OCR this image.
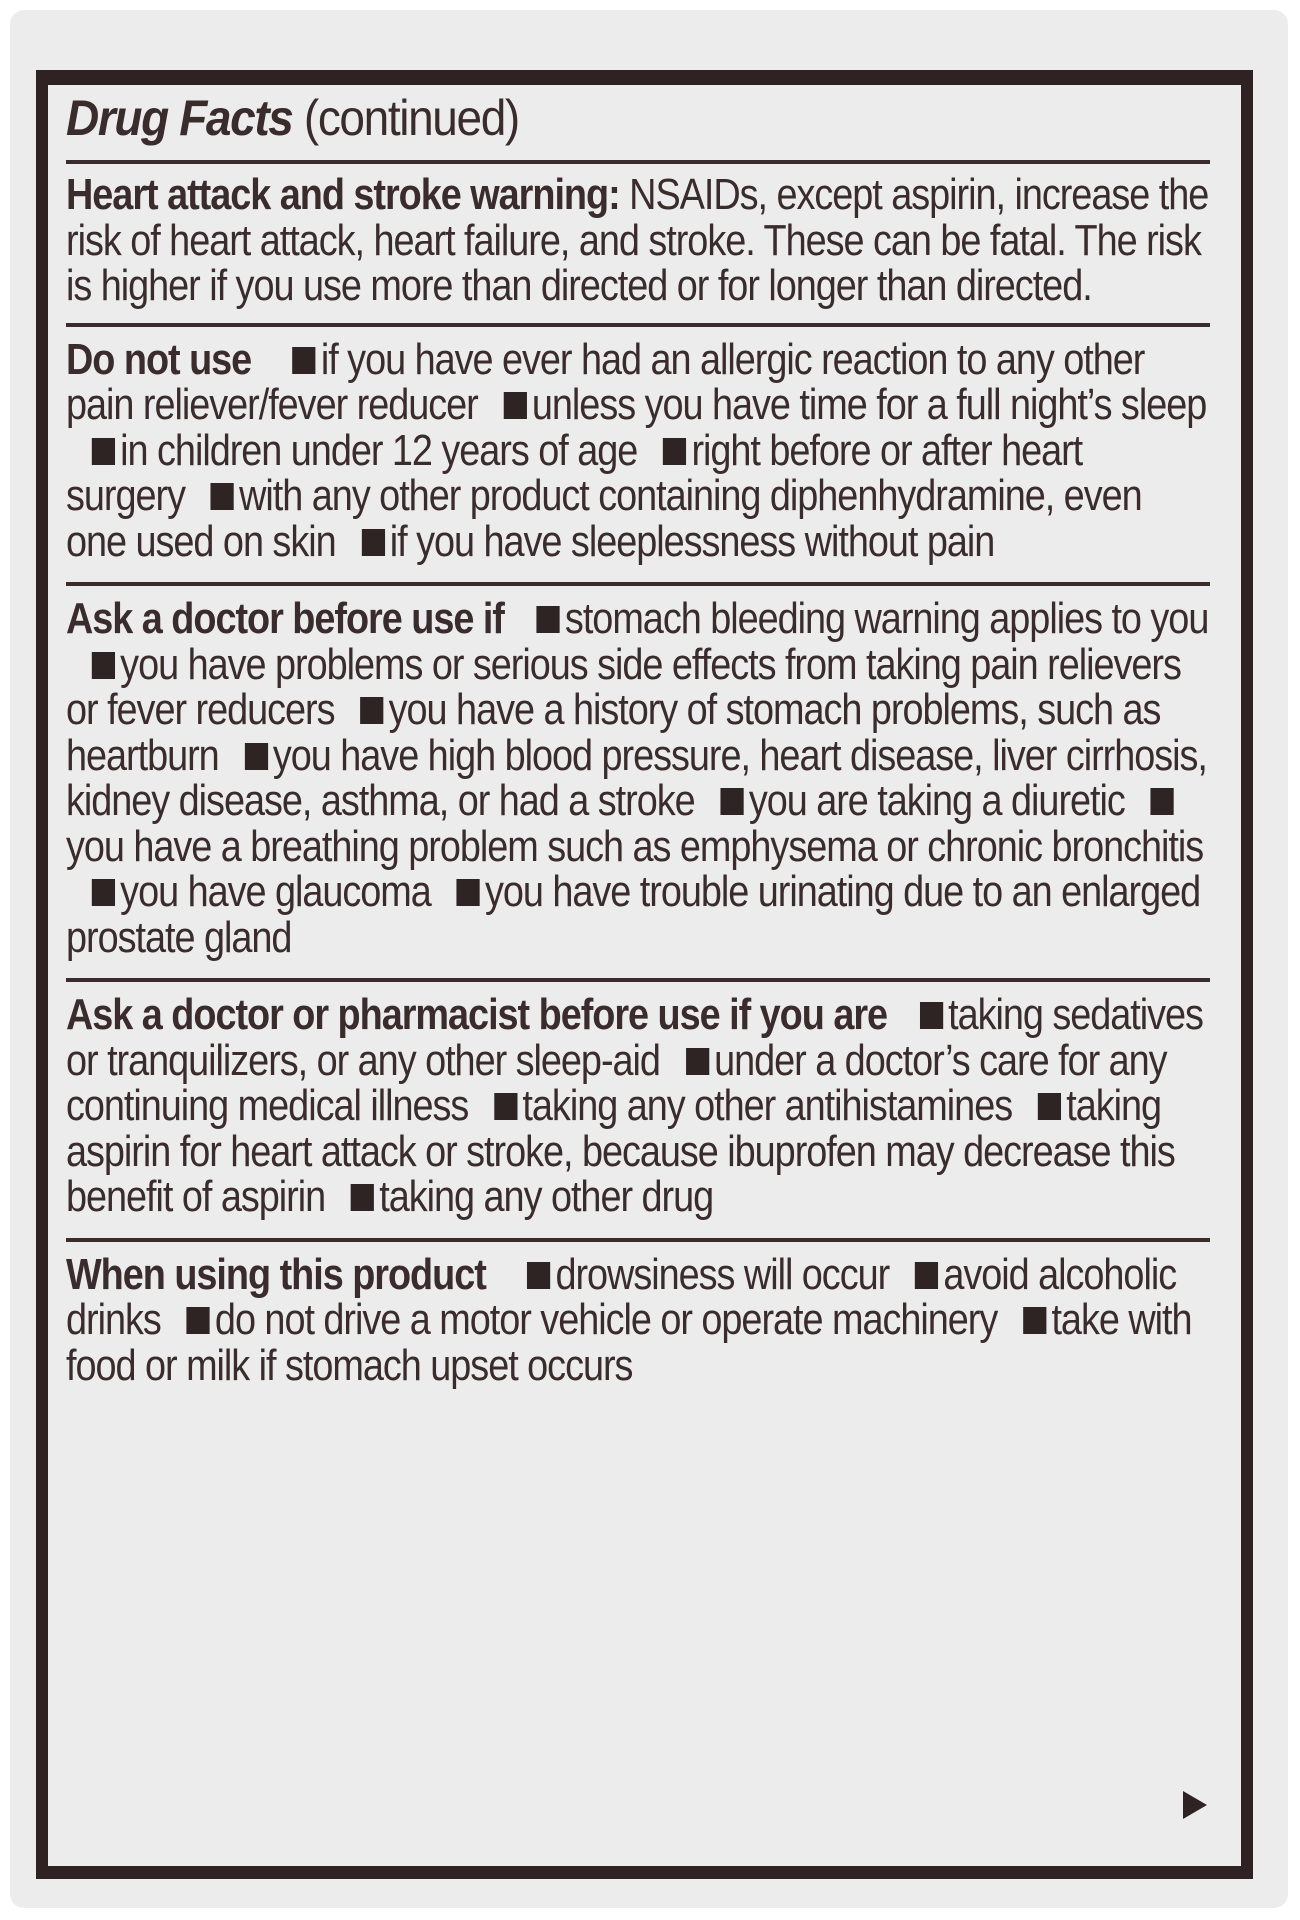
Drug Facts (continued)
Heart attack and stroke warning: NSAIDs, except aspirin, increase the risk of heart attack, heart failure, and stroke. These can be fatal. The risk is higher if you use more than directed or for longer than directed.
Do not use if you have ever had an allergic reaction to any other pain reliever/fever reducer unless you have time for a full night’s sleepin children under 12 years of age right before or after heart surgery with any other product containing diphenhydramine, even one used on skin if you have sleeplessness without pain
Ask a doctor before use if stomach bleeding warning applies to youyou have problems or serious side effects from taking pain relievers or fever reducers you have a history of stomach problems, such as heartburn you have high blood pressure, heart disease, liver cirrhosis, kidney disease, asthma, or had a stroke you are taking a diureticyou have a breathing problem such as emphysema or chronic bronchitisyou have glaucoma you have trouble urinating due to an enlarged prostate gland
Ask a doctor or pharmacist before use if you are taking sedatives or tranquilizers, or any other sleep-aid under a doctor’s care for any continuing medical illness taking any other antihistamines taking aspirin for heart attack or stroke, because ibuprofen may decrease this benefit of aspirin taking any other drug
When using this product drowsiness will occur avoid alcoholic drinks do not drive a motor vehicle or operate machinery take with food or milk if stomach upset occurs
